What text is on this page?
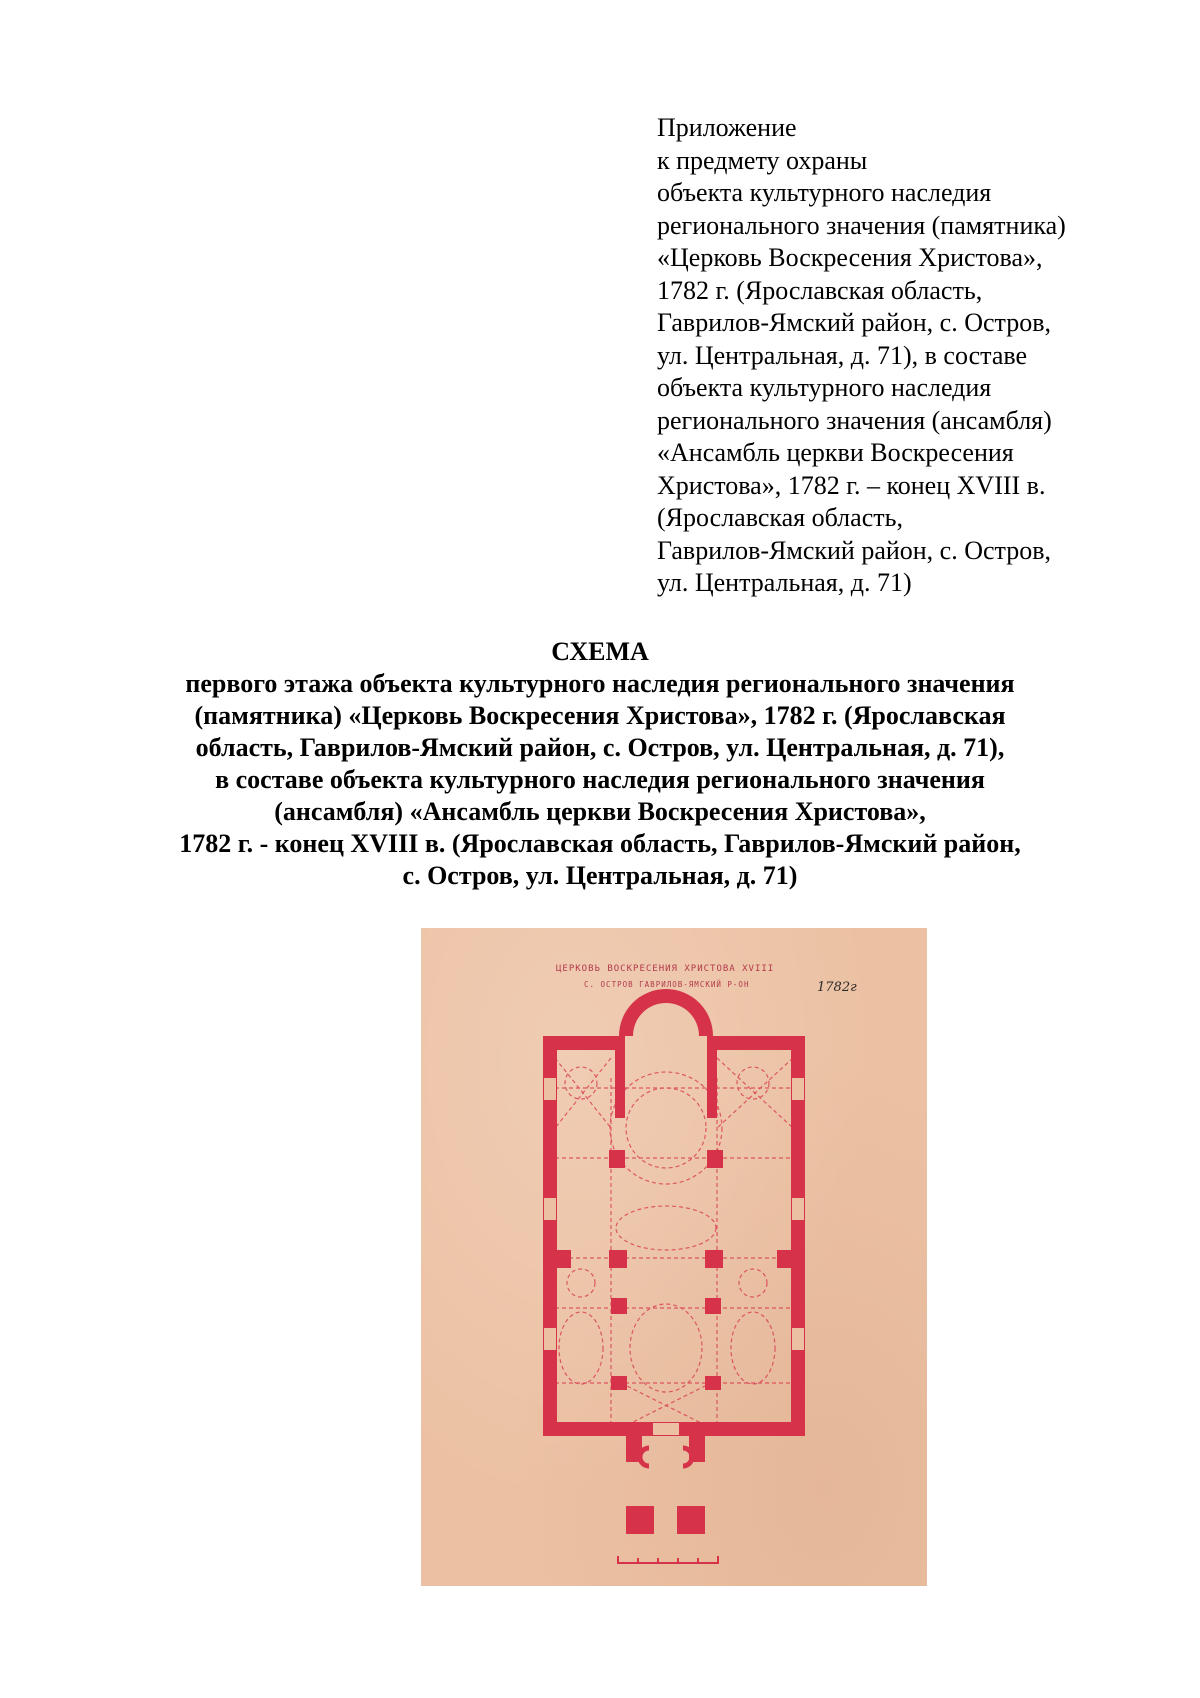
Приложение
к предмету охраны
объекта культурного наследия
регионального значения (памятника)
«Церковь Воскресения Христова»,
1782 г. (Ярославская область,
Гаврилов-Ямский район, с. Остров,
ул. Центральная, д. 71), в составе
объекта культурного наследия
регионального значения (ансамбля)
«Ансамбль церкви Воскресения
Христова», 1782 г. – конец XVIII в.
(Ярославская область,
Гаврилов-Ямский район, с. Остров,
ул. Центральная, д. 71)
СХЕМА
первого этажа объекта культурного наследия регионального значения
(памятника) «Церковь Воскресения Христова», 1782 г. (Ярославская
область, Гаврилов-Ямский район, с. Остров, ул. Центральная, д. 71),
в составе объекта культурного наследия регионального значения
(ансамбля) «Ансамбль церкви Воскресения Христова»,
1782 г. - конец XVIII в. (Ярославская область, Гаврилов-Ямский район,
с. Остров, ул. Центральная, д. 71)
ЦЕРКОВЬ ВОСКРЕСЕНИЯ ХРИСТОВА XVIII
С. ОСТРОВ ГАВРИЛОВ-ЯМСКИЙ Р-ОН	1782г
